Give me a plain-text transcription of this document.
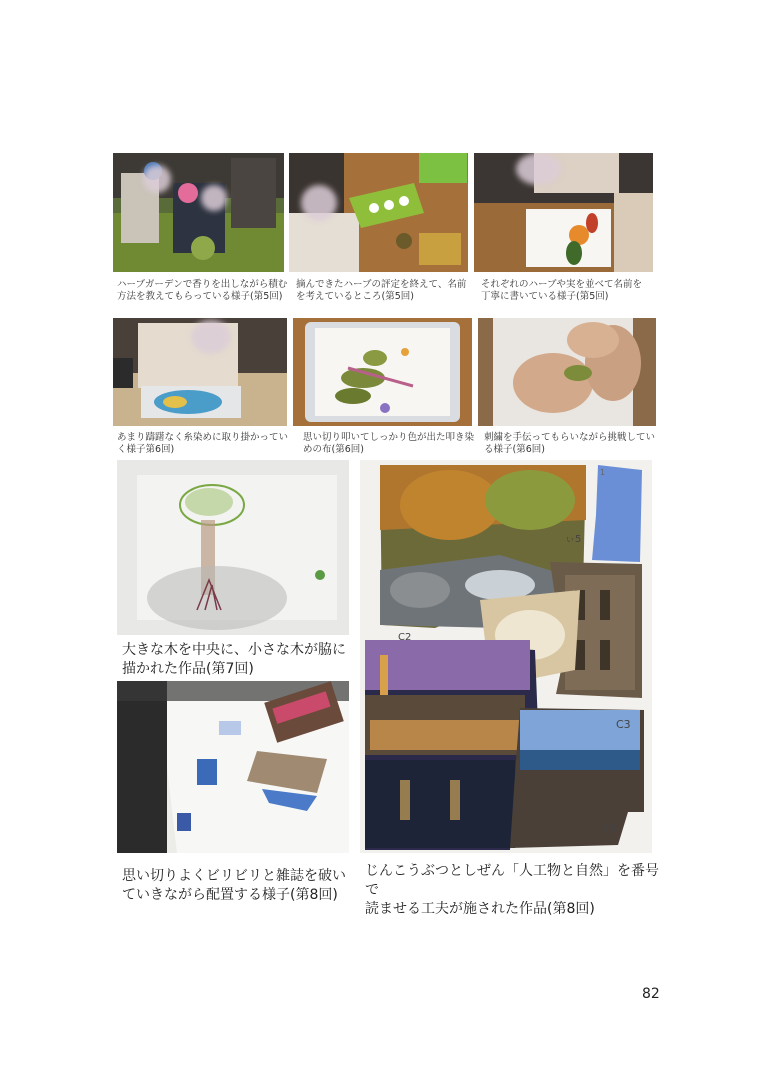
ハーブガーデンで香りを出しながら積む
方法を教えてもらっている様子(第5回)
摘んできたハーブの評定を終えて、名前
を考えているところ(第5回)
それぞれのハーブや実を並べて名前を
丁寧に書いている様子(第5回)
あまり躊躇なく糸染めに取り掛かってい
く様子第6回)
思い切り叩いてしっかり色が出た叩き染
めの布(第6回)
刺繍を手伝ってもらいながら挑戦してい
る様子(第6回)
大きな木を中央に、小さな木が脇に
描かれた作品(第7回)
思い切りよくビリビリと雑誌を破い
ていきながら配置する様子(第8回)
1
ぃ5
C2
C3
ぜ4
じんこうぶつとしぜん「人工物と自然」を番号で
読ませる工夫が施された作品(第8回)
82
